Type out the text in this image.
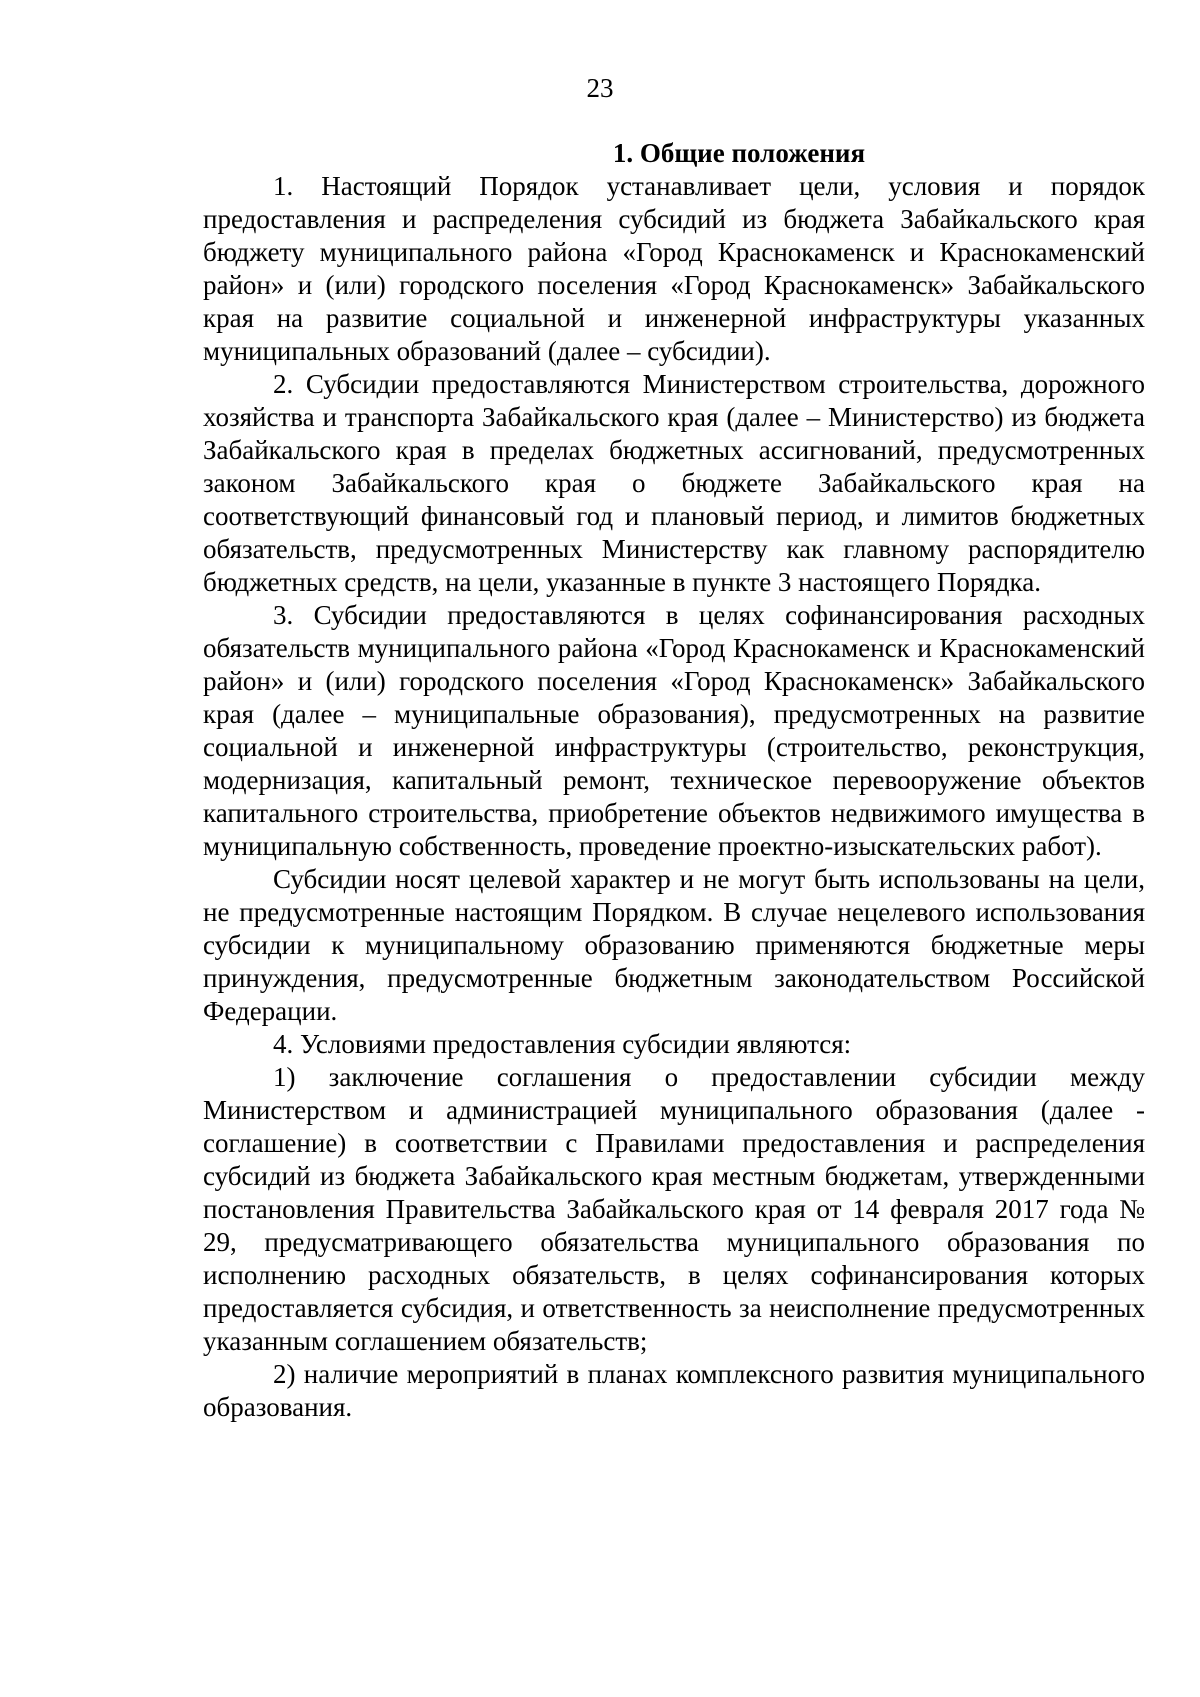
23

1. Общие положения

1. Настоящий Порядок устанавливает цели, условия и порядок предоставления и распределения субсидий из бюджета Забайкальского края бюджету муниципального района «Город Краснокаменск и Краснокаменский район» и (или) городского поселения «Город Краснокаменск» Забайкальского края на развитие социальной и инженерной инфраструктуры указанных муниципальных образований (далее – субсидии).

2. Субсидии предоставляются Министерством строительства, дорожного хозяйства и транспорта Забайкальского края (далее – Министерство) из бюджета Забайкальского края в пределах бюджетных ассигнований, предусмотренных законом Забайкальского края о бюджете Забайкальского края на соответствующий финансовый год и плановый период, и лимитов бюджетных обязательств, предусмотренных Министерству как главному распорядителю бюджетных средств, на цели, указанные в пункте 3 настоящего Порядка.

3. Субсидии предоставляются в целях софинансирования расходных обязательств муниципального района «Город Краснокаменск и Краснокаменский район» и (или) городского поселения «Город Краснокаменск» Забайкальского края (далее – муниципальные образования), предусмотренных на развитие социальной и инженерной инфраструктуры (строительство, реконструкция, модернизация, капитальный ремонт, техническое перевооружение объектов капитального строительства, приобретение объектов недвижимого имущества в муниципальную собственность, проведение проектно-изыскательских работ).

Субсидии носят целевой характер и не могут быть использованы на цели, не предусмотренные настоящим Порядком. В случае нецелевого использования субсидии к муниципальному образованию применяются бюджетные меры принуждения, предусмотренные бюджетным законодательством Российской Федерации.

4. Условиями предоставления субсидии являются:

1) заключение соглашения о предоставлении субсидии между Министерством и администрацией муниципального образования (далее - соглашение) в соответствии с Правилами предоставления и распределения субсидий из бюджета Забайкальского края местным бюджетам, утвержденными постановления Правительства Забайкальского края от 14 февраля 2017 года № 29, предусматривающего обязательства муниципального образования по исполнению расходных обязательств, в целях софинансирования которых предоставляется субсидия, и ответственность за неисполнение предусмотренных указанным соглашением обязательств;

2) наличие мероприятий в планах комплексного развития муниципального образования.
